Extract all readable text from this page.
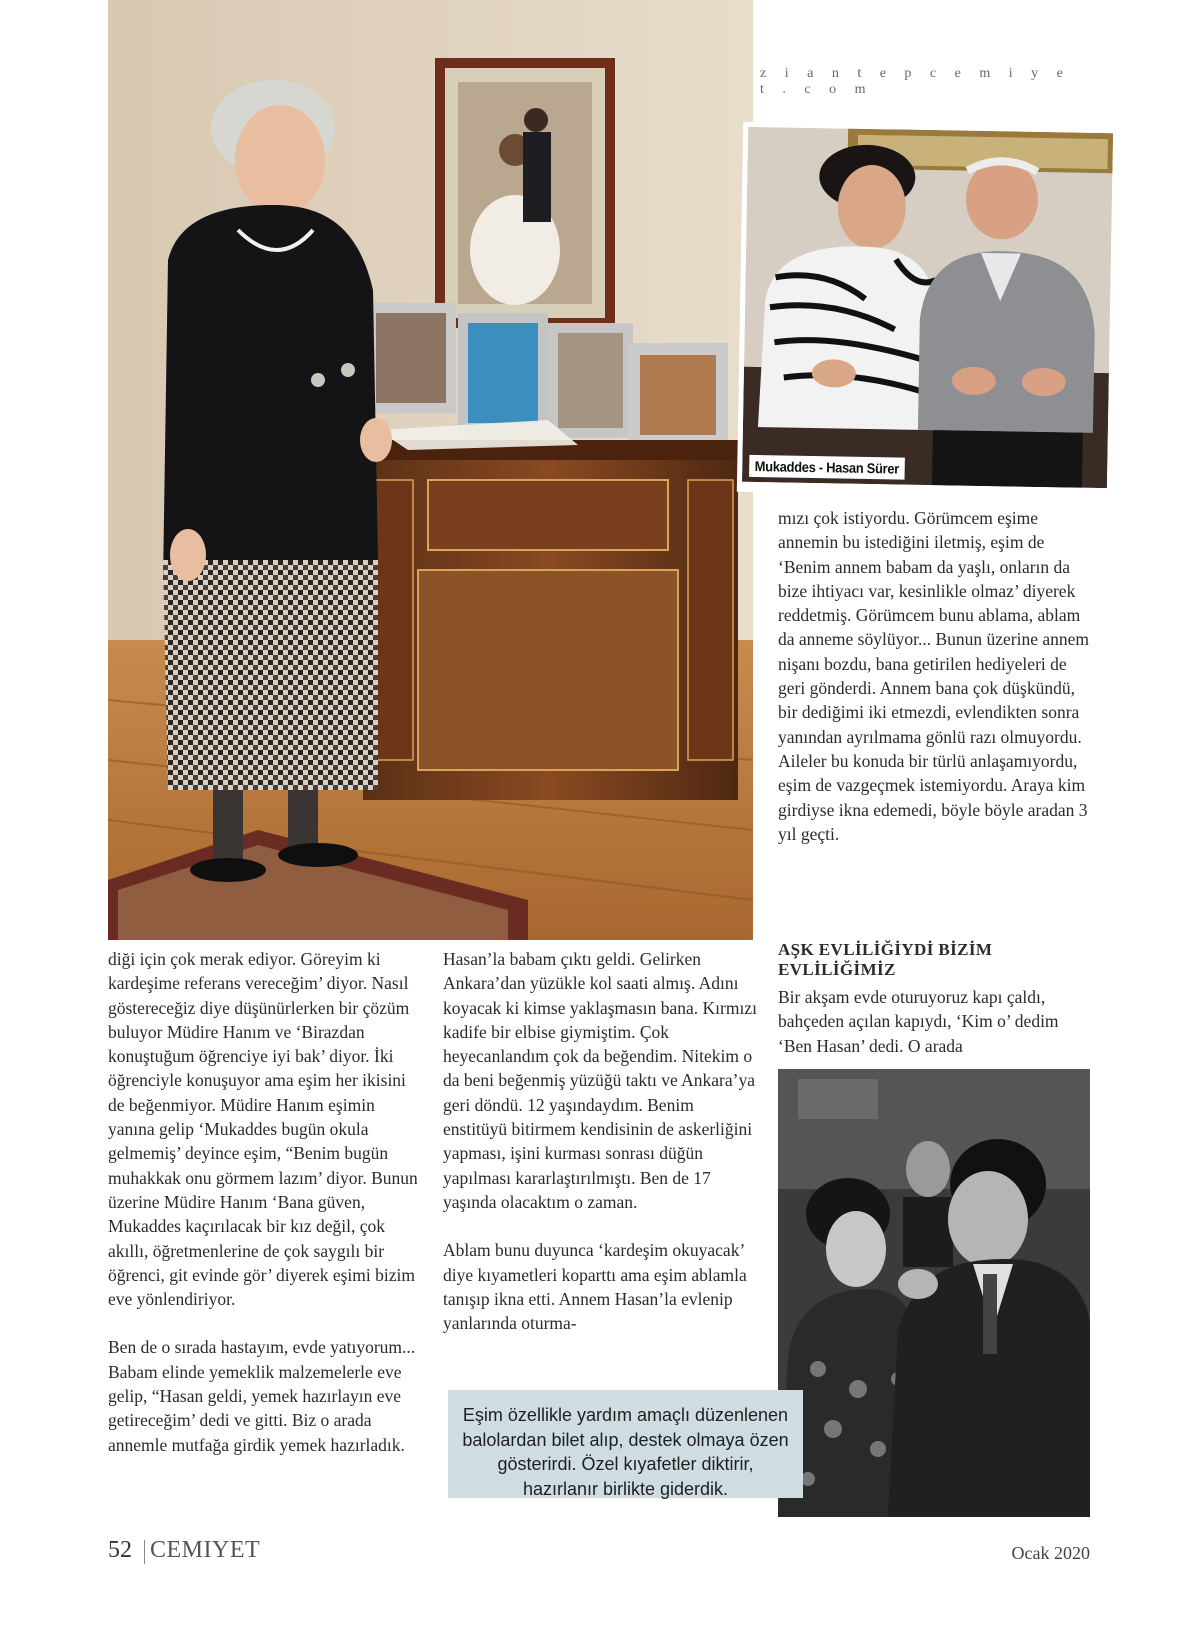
z i a n t e p c e m i y e t . c o m
Mukaddes - Hasan Sürer

diği için çok merak ediyor. Göreyim ki kardeşime referans vereceğim’ diyor. Nasıl göstereceğiz diye düşünürlerken bir çözüm buluyor Müdire Hanım ve ‘Birazdan konuştuğum öğrenciye iyi bak’ diyor. İki öğrenciyle konuşuyor ama eşim her ikisini de beğenmiyor. Müdire Hanım eşimin yanına gelip ‘Mukaddes bugün okula gelmemiş’ deyince eşim, “Benim bugün muhakkak onu görmem lazım’ diyor. Bunun üzerine Müdire Hanım ‘Bana güven, Mukaddes kaçırılacak bir kız değil, çok akıllı, öğretmenlerine de çok saygılı bir öğrenci, git evinde gör’ diyerek eşimi bizim eve yönlendiriyor.

Ben de o sırada hastayım, evde yatıyorum... Babam elinde yemeklik malzemelerle eve gelip, “Hasan geldi, yemek hazırlayın eve getireceğim’ dedi ve gitti. Biz o arada annemle mutfağa girdik yemek hazırladık.

Hasan’la babam çıktı geldi. Gelirken Ankara’dan yüzükle kol saati almış. Adını koyacak ki kimse yaklaşmasın bana. Kırmızı kadife bir elbise giymiştim. Çok heyecanlandım çok da beğendim. Nitekim o da beni beğenmiş yüzüğü taktı ve Ankara’ya geri döndü. 12 yaşındaydım. Benim enstitüyü bitirmem kendisinin de askerliğini yapması, işini kurması sonrası düğün yapılması kararlaştırılmıştı. Ben de 17 yaşında olacaktım o zaman.

Ablam bunu duyunca ‘kardeşim okuyacak’ diye kıyametleri koparttı ama eşim ablamla tanışıp ikna etti. Annem Hasan’la evlenip yanlarında oturma-

mızı çok istiyordu. Görümcem eşime annemin bu istediğini iletmiş, eşim de ‘Benim annem babam da yaşlı, onların da bize ihtiyacı var, kesinlikle olmaz’ diyerek reddetmiş. Görümcem bunu ablama, ablam da anneme söylüyor... Bunun üzerine annem nişanı bozdu, bana getirilen hediyeleri de geri gönderdi. Annem bana çok düşkündü, bir dediğimi iki etmezdi, evlendikten sonra yanından ayrılmama gönlü razı olmuyordu. Aileler bu konuda bir türlü anlaşamıyordu, eşim de vazgeçmek istemiyordu. Araya kim girdiyse ikna edemedi, böyle böyle aradan 3 yıl geçti.

AŞK EVLİLİĞİYDİ BİZİM EVLİLİĞİMİZ

Bir akşam evde oturuyoruz kapı çaldı, bahçeden açılan kapıydı, ‘Kim o’ dedim ‘Ben Hasan’ dedi. O arada

Eşim özellikle yardım amaçlı düzenlenen balolardan bilet alıp, destek olmaya özen gösterirdi. Özel kıyafetler diktirir, hazırlanır birlikte giderdik.
52 CEMIYET	Ocak 2020
